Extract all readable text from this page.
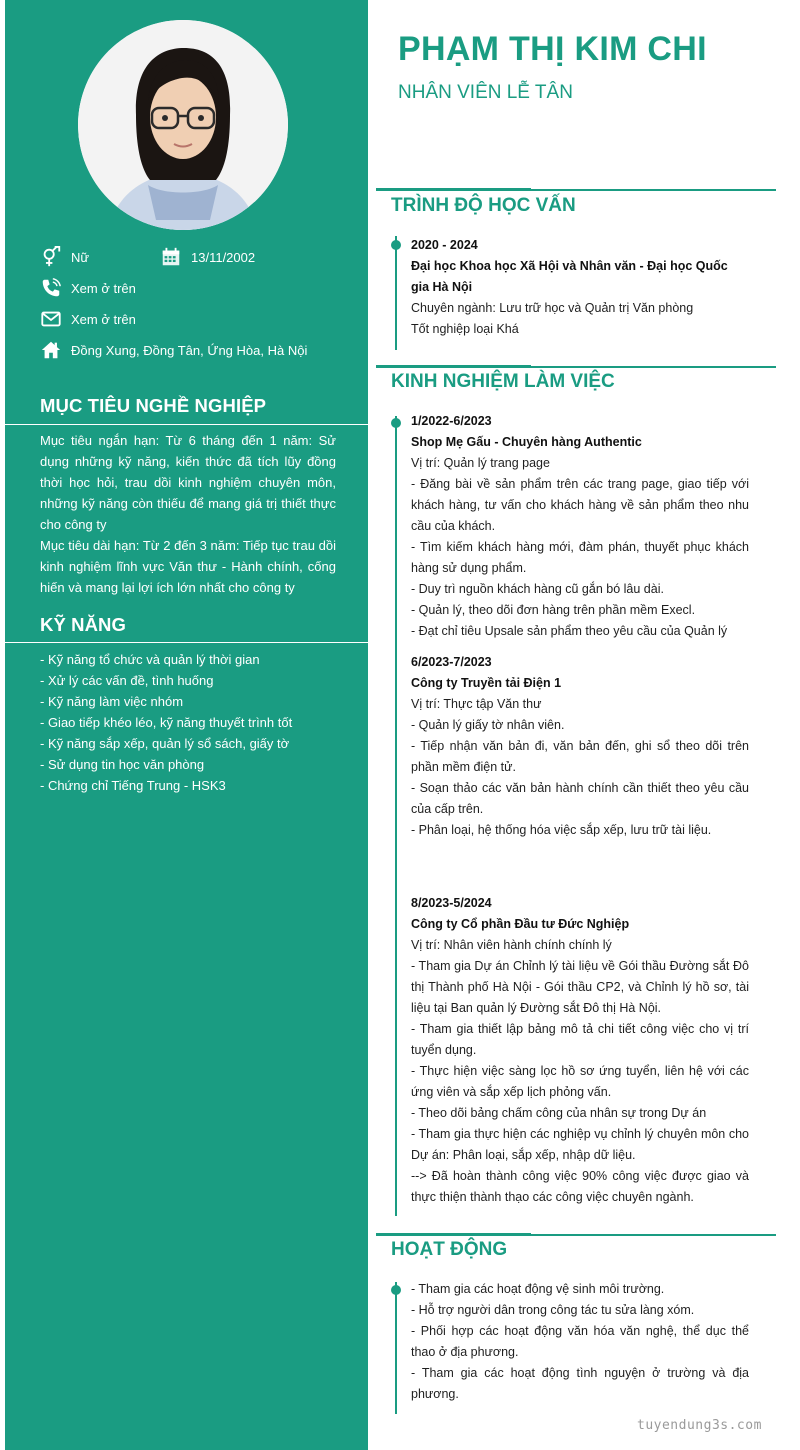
Nữ	13/11/2002
Xem ở trên
Xem ở trên
Đồng Xung, Đồng Tân, Ứng Hòa, Hà Nội
MỤC TIÊU NGHỀ NGHIỆP

Mục tiêu ngắn hạn: Từ 6 tháng đến 1 năm: Sử dụng những kỹ năng, kiến thức đã tích lũy đồng thời học hỏi, trau dồi kinh nghiệm chuyên môn, những kỹ năng còn thiếu để mang giá trị thiết thực cho công ty

Mục tiêu dài hạn: Từ 2 đến 3 năm: Tiếp tục trau dồi kinh nghiệm lĩnh vực Văn thư - Hành chính, cống hiến và mang lại lợi ích lớn nhất cho công ty

KỸ NĂNG
- Kỹ năng tổ chức và quản lý thời gian
- Xử lý các vấn đề, tình huống
- Kỹ năng làm việc nhóm
- Giao tiếp khéo léo, kỹ năng thuyết trình tốt
- Kỹ năng sắp xếp, quản lý sổ sách, giấy tờ
- Sử dụng tin học văn phòng
- Chứng chỉ Tiếng Trung - HSK3
PHẠM THỊ KIM CHI
NHÂN VIÊN LỄ TÂN
TRÌNH ĐỘ HỌC VẤN
2020 - 2024
Đại học Khoa học Xã Hội và Nhân văn - Đại học Quốc gia Hà Nội
Chuyên ngành: Lưu trữ học và Quản trị Văn phòng
Tốt nghiệp loại Khá
KINH NGHIỆM LÀM VIỆC
1/2022-6/2023
Shop Mẹ Gấu - Chuyên hàng Authentic
Vị trí: Quản lý trang page
- Đăng bài về sản phẩm trên các trang page, giao tiếp với khách hàng, tư vấn cho khách hàng về sản phẩm theo nhu cầu của khách.
- Tìm kiếm khách hàng mới, đàm phán, thuyết phục khách hàng sử dụng phẩm.
- Duy trì nguồn khách hàng cũ gắn bó lâu dài.
- Quản lý, theo dõi đơn hàng trên phần mềm Execl.
- Đạt chỉ tiêu Upsale sản phẩm theo yêu cầu của Quản lý
6/2023-7/2023
Công ty Truyền tải Điện 1
Vị trí: Thực tập Văn thư
- Quản lý giấy tờ nhân viên.
- Tiếp nhận văn bản đi, văn bản đến, ghi sổ theo dõi trên phần mềm điện tử.
- Soạn thảo các văn bản hành chính cần thiết theo yêu cầu của cấp trên.
- Phân loại, hệ thống hóa việc sắp xếp, lưu trữ tài liệu.
8/2023-5/2024
Công ty Cổ phần Đầu tư Đức Nghiệp
Vị trí: Nhân viên hành chính chính lý
- Tham gia Dự án Chỉnh lý tài liệu về Gói thầu Đường sắt Đô thị Thành phố Hà Nội - Gói thầu CP2, và Chỉnh lý hồ sơ, tài liệu tại Ban quản lý Đường sắt Đô thị Hà Nội.
- Tham gia thiết lập bảng mô tả chi tiết công việc cho vị trí tuyển dụng.
- Thực hiện việc sàng lọc hồ sơ ứng tuyển, liên hệ với các ứng viên và sắp xếp lịch phỏng vấn.
- Theo dõi bảng chấm công của nhân sự trong Dự án
- Tham gia thực hiện các nghiệp vụ chỉnh lý chuyên môn cho Dự án: Phân loại, sắp xếp, nhập dữ liệu.
--> Đã hoàn thành công việc 90% công việc được giao và thực thiện thành thạo các công việc chuyên ngành.
HOẠT ĐỘNG
- Tham gia các hoạt động vệ sinh môi trường.
- Hỗ trợ người dân trong công tác tu sửa làng xóm.
- Phối hợp các hoạt động văn hóa văn nghệ, thể dục thể thao ở địa phương.
- Tham gia các hoạt động tình nguyện ở trường và địa phương.
tuyendung3s.com
